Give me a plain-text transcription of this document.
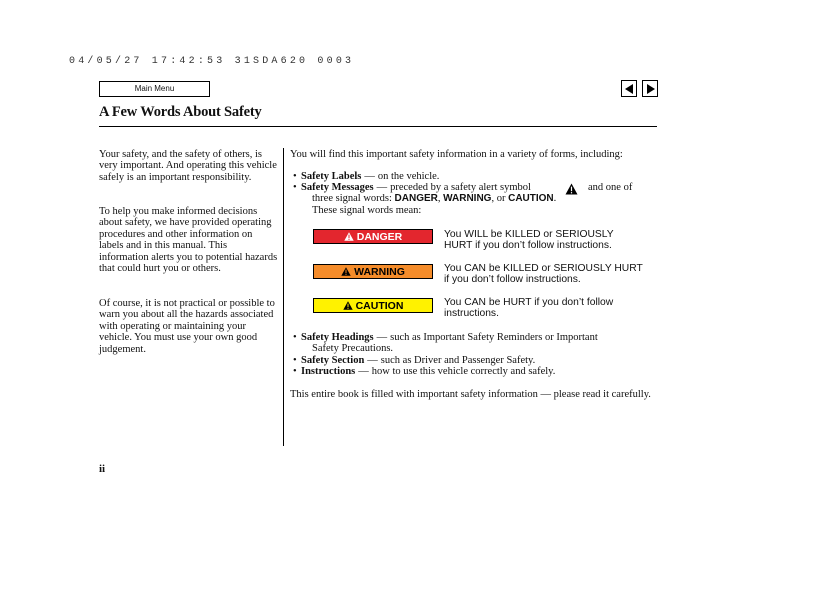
04/05/27 17:42:53 31SDA620 0003
Main Menu
A Few Words About Safety

Your safety, and the safety of others, is very important. And operating this vehicle safely is an important responsibility.

To help you make informed decisions about safety, we have provided operating procedures and other information on labels and in this manual. This information alerts you to potential hazards that could hurt you or others.

Of course, it is not practical or possible to warn you about all the hazards associated with operating or maintaining your vehicle. You must use your own good judgement.

You will find this important safety information in a variety of forms, including:

• Safety Labels — on the vehicle.
• Safety Messages — preceded by a safety alert symbol	and one of
three signal words: DANGER, WARNING, or CAUTION.
These signal words mean:
DANGER	You WILL be KILLED or SERIOUSLY HURT if you don’t follow instructions.
WARNING	You CAN be KILLED or SERIOUSLY HURT if you don’t follow instructions.
CAUTION	You CAN be HURT if you don’t follow instructions.
• Safety Headings — such as Important Safety Reminders or Important
Safety Precautions.
• Safety Section — such as Driver and Passenger Safety.
• Instructions — how to use this vehicle correctly and safely.

This entire book is filled with important safety information — please read it carefully.

ii
